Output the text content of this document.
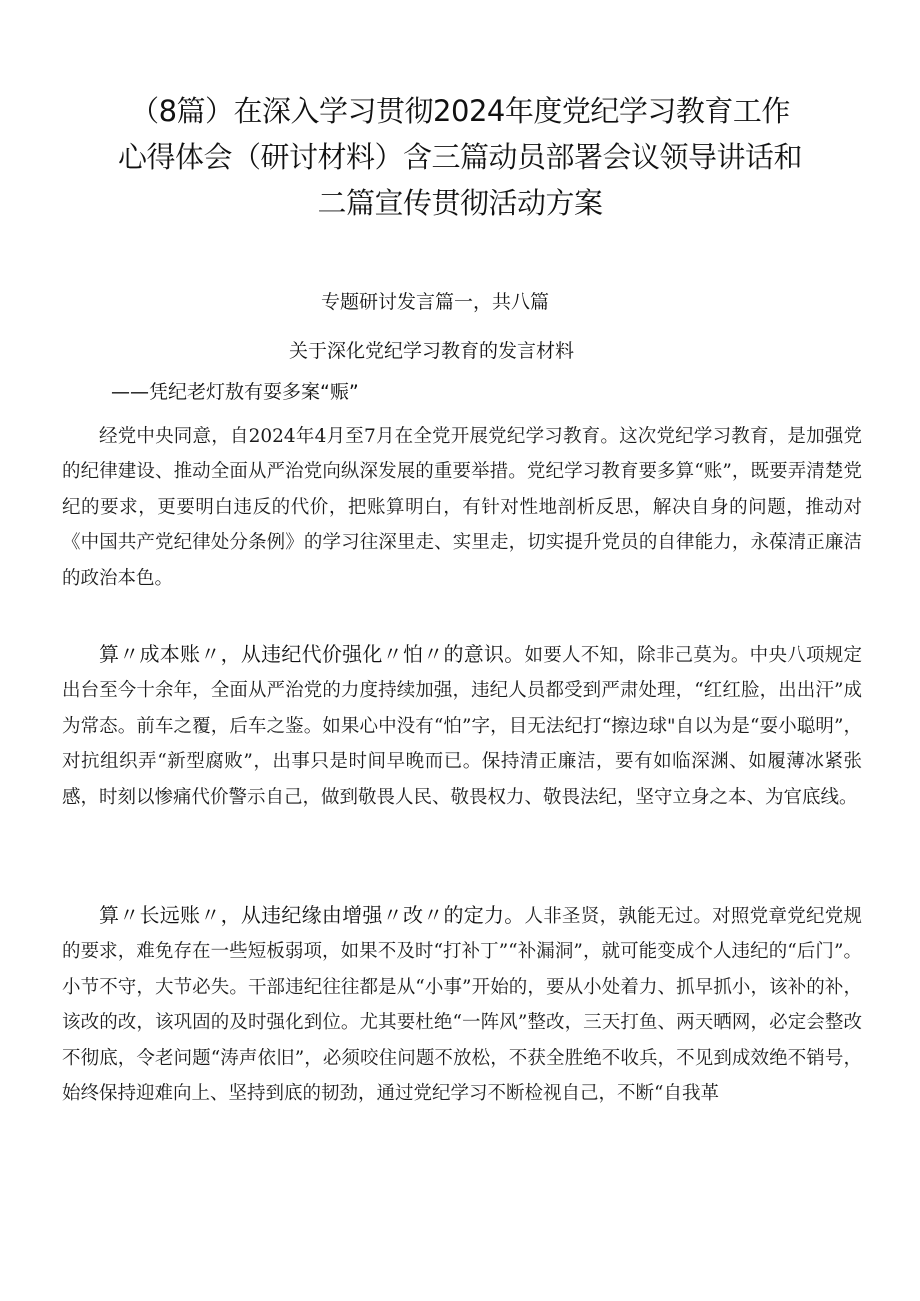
（8篇）在深入学习贯彻2024年度党纪学习教育工作
心得体会（研讨材料）含三篇动员部署会议领导讲话和
二篇宣传贯彻活动方案
专题研讨发言篇一，共八篇
关于深化党纪学习教育的发言材料
——凭纪老灯敖有耍多案“赈”

经党中央同意，自2024年4月至7月在全党开展党纪学习教育。这次党纪学习教育，是加强党的纪律建设、推动全面从严治党向纵深发展的重要举措。党纪学习教育要多算“账”，既要弄清楚党纪的要求，更要明白违反的代价，把账算明白，有针对性地剖析反思，解决自身的问题，推动对《中国共产党纪律处分条例》的学习往深里走、实里走，切实提升党员的自律能力，永葆清正廉洁的政治本色。

算〃成本账〃，从违纪代价强化〃怕〃的意识。如要人不知，除非己莫为。中央八项规定出台至今十余年，全面从严治党的力度持续加强，违纪人员都受到严肃处理，“红红脸，出出汗”成为常态。前车之覆，后车之鉴。如果心中没有“怕”字，目无法纪打“擦边球"自以为是“耍小聪明”，对抗组织弄“新型腐败”，出事只是时间早晚而已。保持清正廉洁，要有如临深渊、如履薄冰紧张感，时刻以惨痛代价警示自己，做到敬畏人民、敬畏权力、敬畏法纪，坚守立身之本、为官底线。

算〃长远账〃，从违纪缘由增强〃改〃的定力。人非圣贤，孰能无过。对照党章党纪党规的要求，难免存在一些短板弱项，如果不及时“打补丁”“补漏洞”，就可能变成个人违纪的“后门”。小节不守，大节必失。干部违纪往往都是从“小事”开始的，要从小处着力、抓早抓小，该补的补，该改的改，该巩固的及时强化到位。尤其要杜绝“一阵风”整改，三天打鱼、两天晒网，必定会整改不彻底，令老问题“涛声依旧”，必须咬住问题不放松，不获全胜绝不收兵，不见到成效绝不销号，始终保持迎难向上、坚持到底的韧劲，通过党纪学习不断检视自己，不断“自我革
